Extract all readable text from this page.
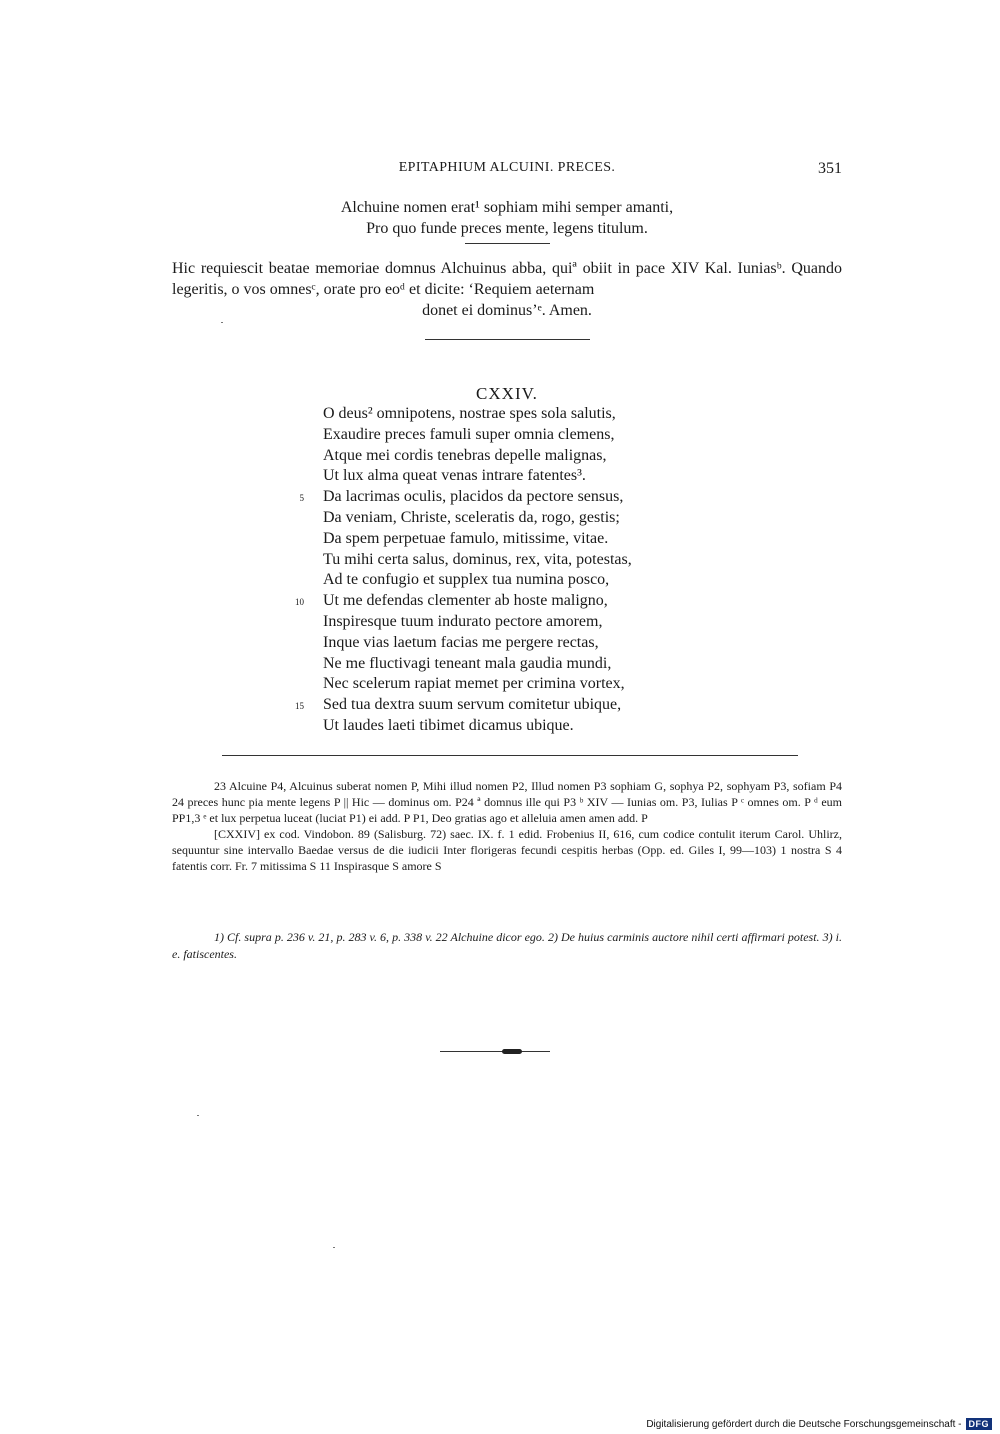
EPITAPHIUM ALCUINI. PRECES.	351
Alchuine nomen erat¹ sophiam mihi semper amanti,
Pro quo funde preces mente, legens titulum.
Hic requiescit beatae memoriae domnus Alchuinus abba, quiª obiit in pace XIV Kal. Iuniasᵇ. Quando legeritis, o vos omnesᶜ, orate pro eoᵈ et dicite: ‘Requiem aeternam
donet ei dominus’ᵉ. Amen.
CXXIV.
O deus² omnipotens, nostrae spes sola salutis,
Exaudire preces famuli super omnia clemens,
Atque mei cordis tenebras depelle malignas,
Ut lux alma queat venas intrare fatentes³.
5 Da lacrimas oculis, placidos da pectore sensus,
Da veniam, Christe, sceleratis da, rogo, gestis;
Da spem perpetuae famulo, mitissime, vitae.
Tu mihi certa salus, dominus, rex, vita, potestas,
Ad te confugio et supplex tua numina posco,
10 Ut me defendas clementer ab hoste maligno,
Inspiresque tuum indurato pectore amorem,
Inque vias laetum facias me pergere rectas,
Ne me fluctivagi teneant mala gaudia mundi,
Nec scelerum rapiat memet per crimina vortex,
15 Sed tua dextra suum servum comitetur ubique,
Ut laudes laeti tibimet dicamus ubique.

23 Alcuine P4, Alcuinus suberat nomen P, Mihi illud nomen P2, Illud nomen P3 sophiam G, sophya P2, sophyam P3, sofiam P4 24 preces hunc pia mente legens P || Hic — dominus om. P24 ª domnus ille qui P3 ᵇ XIV — Iunias om. P3, Iulias P ᶜ omnes om. P ᵈ eum PP1,3 ᵉ et lux perpetua luceat (luciat P1) ei add. P P1, Deo gratias ago et alleluia amen amen add. P

[CXXIV] ex cod. Vindobon. 89 (Salisburg. 72) saec. IX. f. 1 edid. Frobenius II, 616, cum codice contulit iterum Carol. Uhlirz, sequuntur sine intervallo Baedae versus de die iudicii Inter florigeras fecundi cespitis herbas (Opp. ed. Giles I, 99—103) 1 nostra S 4 fatentis corr. Fr. 7 mitissima S 11 Inspirasque S amore S

1) Cf. supra p. 236 v. 21, p. 283 v. 6, p. 338 v. 22 Alchuine dicor ego. 2) De huius carminis auctore nihil certi affirmari potest. 3) i. e. fatiscentes.

Digitalisierung gefördert durch die Deutsche Forschungsgemeinschaft - DFG
